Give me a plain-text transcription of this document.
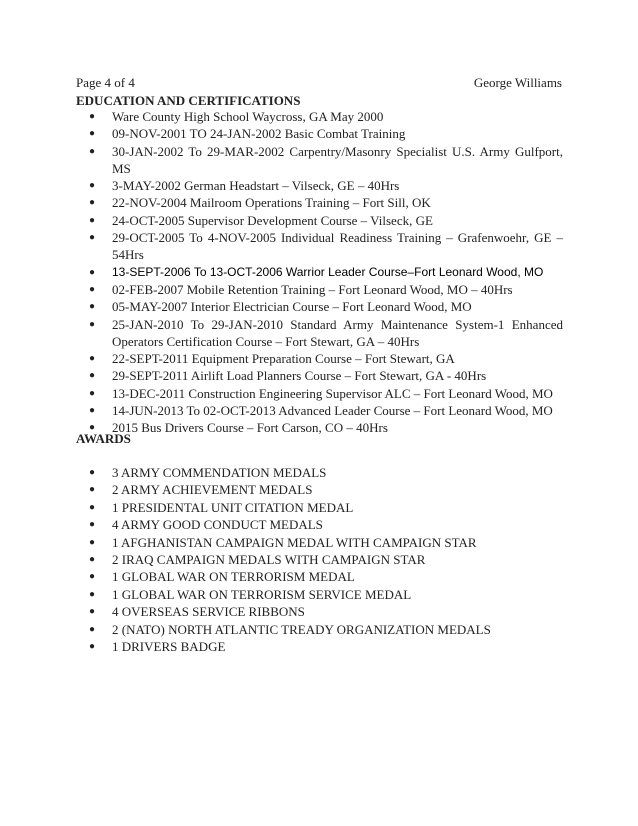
Page 4 of 4	George Williams
EDUCATION AND CERTIFICATIONS
● Ware County High School Waycross, GA May 2000
● 09-NOV-2001 TO 24-JAN-2002 Basic Combat Training
● 30-JAN-2002 To 29-MAR-2002 Carpentry/Masonry Specialist U.S. Army Gulfport, MS
● 3-MAY-2002 German Headstart – Vilseck, GE – 40Hrs
● 22-NOV-2004 Mailroom Operations Training – Fort Sill, OK
● 24-OCT-2005 Supervisor Development Course – Vilseck, GE
● 29-OCT-2005 To 4-NOV-2005 Individual Readiness Training – Grafenwoehr, GE – 54Hrs
● 13-SEPT-2006 To 13-OCT-2006 Warrior Leader Course–Fort Leonard Wood, MO
● 02-FEB-2007 Mobile Retention Training – Fort Leonard Wood, MO – 40Hrs
● 05-MAY-2007 Interior Electrician Course – Fort Leonard Wood, MO
● 25-JAN-2010 To 29-JAN-2010 Standard Army Maintenance System-1 Enhanced Operators Certification Course – Fort Stewart, GA – 40Hrs
● 22-SEPT-2011 Equipment Preparation Course – Fort Stewart, GA
● 29-SEPT-2011 Airlift Load Planners Course – Fort Stewart, GA - 40Hrs
● 13-DEC-2011 Construction Engineering Supervisor ALC – Fort Leonard Wood, MO
● 14-JUN-2013 To 02-OCT-2013 Advanced Leader Course – Fort Leonard Wood, MO
● 2015 Bus Drivers Course – Fort Carson, CO – 40Hrs
AWARDS
● 3 ARMY COMMENDATION MEDALS
● 2 ARMY ACHIEVEMENT MEDALS
● 1 PRESIDENTAL UNIT CITATION MEDAL
● 4 ARMY GOOD CONDUCT MEDALS
● 1 AFGHANISTAN CAMPAIGN MEDAL WITH CAMPAIGN STAR
● 2 IRAQ CAMPAIGN MEDALS WITH CAMPAIGN STAR
● 1 GLOBAL WAR ON TERRORISM MEDAL
● 1 GLOBAL WAR ON TERRORISM SERVICE MEDAL
● 4 OVERSEAS SERVICE RIBBONS
● 2 (NATO) NORTH ATLANTIC TREADY ORGANIZATION MEDALS
● 1 DRIVERS BADGE
